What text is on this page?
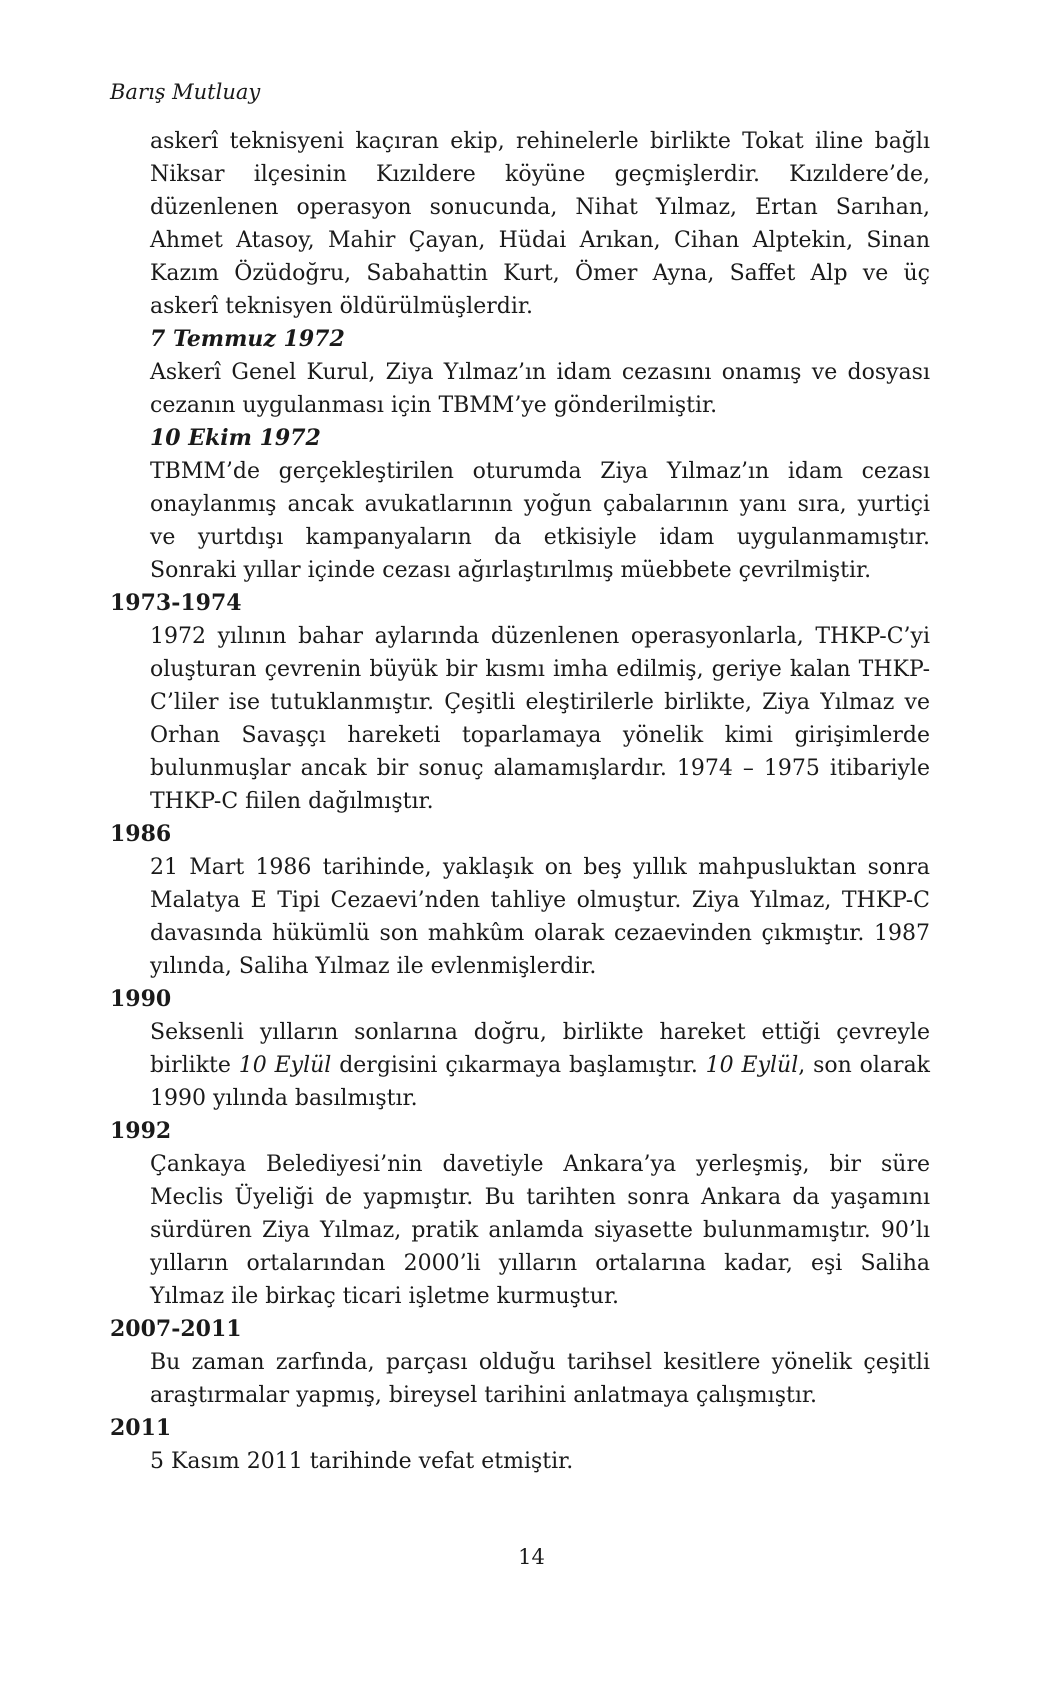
Barış Mutluay

askerî teknisyeni kaçıran ekip, rehinelerle birlikte Tokat iline bağlı Niksar ilçesinin Kızıldere köyüne geçmişlerdir. Kızıldere’de, düzenlenen operasyon sonucunda, Nihat Yılmaz, Ertan Sarıhan, Ahmet Atasoy, Mahir Çayan, Hüdai Arıkan, Cihan Alptekin, Sinan Kazım Özüdoğru, Sabahattin Kurt, Ömer Ayna, Saffet Alp ve üç askerî teknisyen öldürülmüşlerdir.

7 Temmuz 1972

Askerî Genel Kurul, Ziya Yılmaz’ın idam cezasını onamış ve dosyası cezanın uygulanması için TBMM’ye gönderilmiştir.

10 Ekim 1972

TBMM’de gerçekleştirilen oturumda Ziya Yılmaz’ın idam cezası onaylanmış ancak avukatlarının yoğun çabalarının yanı sıra, yurtiçi ve yurtdışı kampanyaların da etkisiyle idam uygulanmamıştır. Sonraki yıllar içinde cezası ağırlaştırılmış müebbete çevrilmiştir.

1973-1974

1972 yılının bahar aylarında düzenlenen operasyonlarla, THKP-C’yi oluşturan çevrenin büyük bir kısmı imha edilmiş, geriye kalan THKP-C’liler ise tutuklanmıştır. Çeşitli eleştirilerle birlikte, Ziya Yılmaz ve Orhan Savaşçı hareketi toparlamaya yönelik kimi girişimlerde bulunmuşlar ancak bir sonuç alamamışlardır. 1974 – 1975 itibariyle THKP-C fiilen dağılmıştır.

1986

21 Mart 1986 tarihinde, yaklaşık on beş yıllık mahpusluktan sonra Malatya E Tipi Cezaevi’nden tahliye olmuştur. Ziya Yılmaz, THKP-C davasında hükümlü son mahkûm olarak cezaevinden çıkmıştır. 1987 yılında, Saliha Yılmaz ile evlenmişlerdir.

1990

Seksenli yılların sonlarına doğru, birlikte hareket ettiği çevreyle birlikte 10 Eylül dergisini çıkarmaya başlamıştır. 10 Eylül, son olarak 1990 yılında basılmıştır.

1992

Çankaya Belediyesi’nin davetiyle Ankara’ya yerleşmiş, bir süre Meclis Üyeliği de yapmıştır. Bu tarihten sonra Ankara da yaşamını sürdüren Ziya Yılmaz, pratik anlamda siyasette bulunmamıştır. 90’lı yılların ortalarından 2000’li yılların ortalarına kadar, eşi Saliha Yılmaz ile birkaç ticari işletme kurmuştur.

2007-2011

Bu zaman zarfında, parçası olduğu tarihsel kesitlere yönelik çeşitli araştırmalar yapmış, bireysel tarihini anlatmaya çalışmıştır.

2011

5 Kasım 2011 tarihinde vefat etmiştir.

14
